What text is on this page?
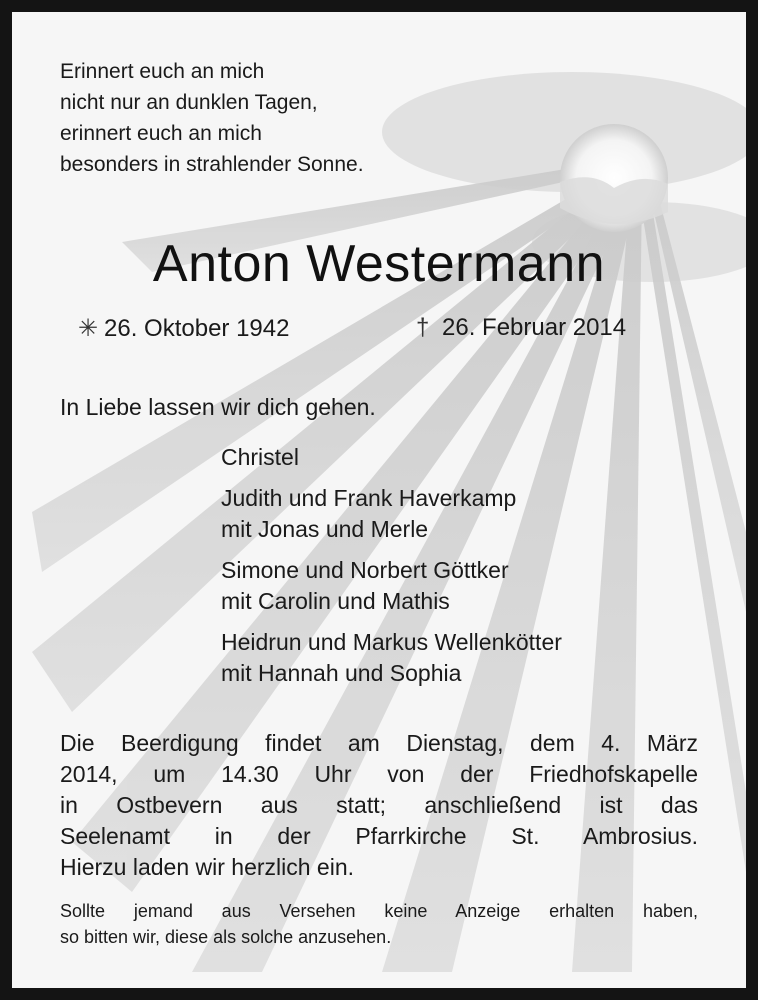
Erinnert euch an mich
nicht nur an dunklen Tagen,
erinnert euch an mich
besonders in strahlender Sonne.
Anton Westermann
✳ 26. Oktober 1942	† 26. Februar 2014
In Liebe lassen wir dich gehen.
Christel
Judith und Frank Haverkamp
mit Jonas und Merle
Simone und Norbert Göttker
mit Carolin und Mathis
Heidrun und Markus Wellenkötter
mit Hannah und Sophia
Die Beerdigung findet am Dienstag, dem 4. März
2014, um 14.30 Uhr von der Friedhofskapelle
in Ostbevern aus statt; anschließend ist das
Seelenamt in der Pfarrkirche St. Ambrosius.
Hierzu laden wir herzlich ein.
Sollte jemand aus Versehen keine Anzeige erhalten haben,
so bitten wir, diese als solche anzusehen.
